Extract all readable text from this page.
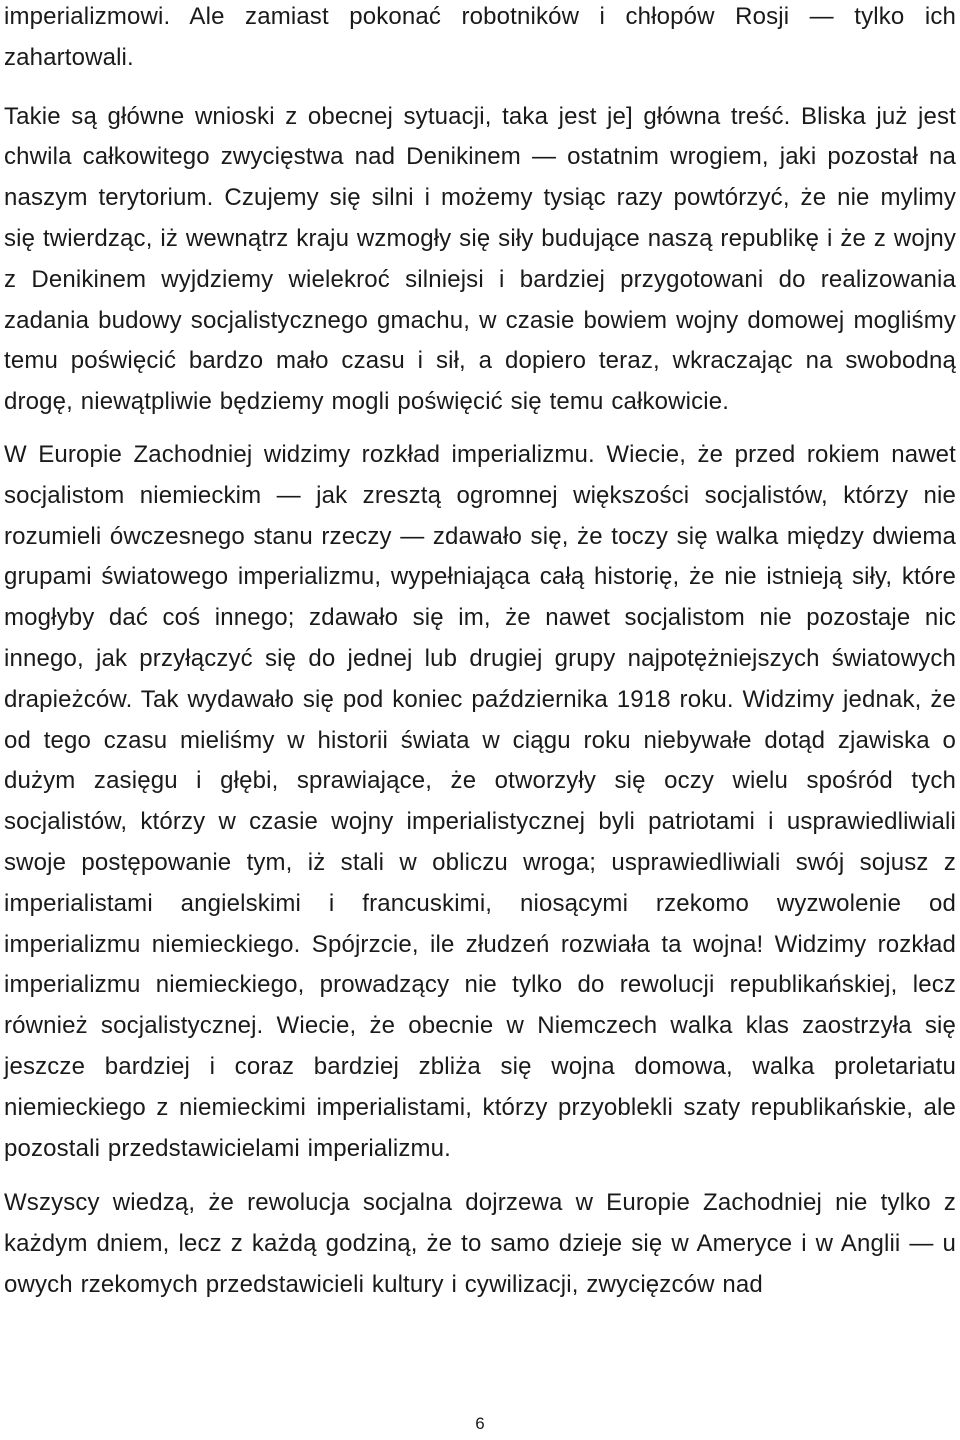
imperializmowi. Ale zamiast pokonać robotników i chłopów Rosji — tylko ich zahartowali.

Takie są główne wnioski z obecnej sytuacji, taka jest je] główna treść. Bliska już jest chwila całkowitego zwycięstwa nad Denikinem — ostatnim wrogiem, jaki pozostał na naszym terytorium. Czujemy się silni i możemy tysiąc razy powtórzyć, że nie mylimy się twierdząc, iż wewnątrz kraju wzmogły się siły budujące naszą republikę i że z wojny z Denikinem wyjdziemy wielekroć silniejsi i bardziej przygotowani do realizowania zadania budowy socjalistycznego gmachu, w czasie bowiem wojny domowej mogliśmy temu poświęcić bardzo mało czasu i sił, a dopiero teraz, wkraczając na swobodną drogę, niewątpliwie będziemy mogli poświęcić się temu całkowicie.

W Europie Zachodniej widzimy rozkład imperializmu. Wiecie, że przed rokiem nawet socjalistom niemieckim — jak zresztą ogromnej większości socjalistów, którzy nie rozumieli ówczesnego stanu rzeczy — zdawało się, że toczy się walka między dwiema grupami światowego imperializmu, wypełniająca całą historię, że nie istnieją siły, które mogłyby dać coś innego; zdawało się im, że nawet socjalistom nie pozostaje nic innego, jak przyłączyć się do jednej lub drugiej grupy najpotężniejszych światowych drapieżców. Tak wydawało się pod koniec października 1918 roku. Widzimy jednak, że od tego czasu mieliśmy w historii świata w ciągu roku niebywałe dotąd zjawiska o dużym zasięgu i głębi, sprawiające, że otworzyły się oczy wielu spośród tych socjalistów, którzy w czasie wojny imperialistycznej byli patriotami i usprawiedliwiali swoje postępowanie tym, iż stali w obliczu wroga; usprawiedliwiali swój sojusz z imperialistami angielskimi i francuskimi, niosącymi rzekomo wyzwolenie od imperializmu niemieckiego. Spójrzcie, ile złudzeń rozwiała ta wojna! Widzimy rozkład imperializmu niemieckiego, prowadzący nie tylko do rewolucji republikańskiej, lecz również socjalistycznej. Wiecie, że obecnie w Niemczech walka klas zaostrzyła się jeszcze bardziej i coraz bardziej zbliża się wojna domowa, walka proletariatu niemieckiego z niemieckimi imperialistami, którzy przyoblekli szaty republikańskie, ale pozostali przedstawicielami imperializmu.

Wszyscy wiedzą, że rewolucja socjalna dojrzewa w Europie Zachodniej nie tylko z każdym dniem, lecz z każdą godziną, że to samo dzieje się w Ameryce i w Anglii — u owych rzekomych przedstawicieli kultury i cywilizacji, zwycięzców nad

6
